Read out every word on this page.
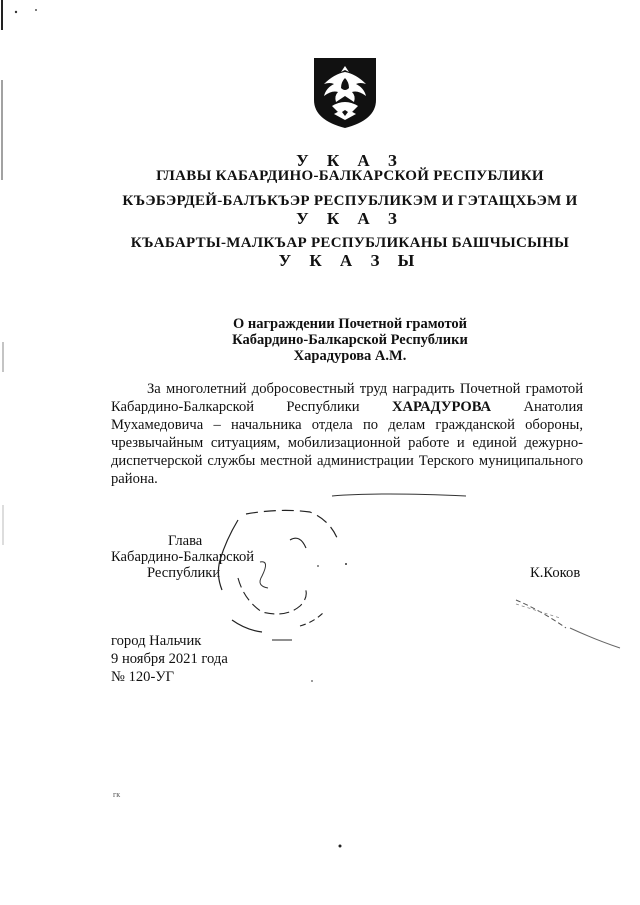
У К А З
ГЛАВЫ КАБАРДИНО-БАЛКАРСКОЙ РЕСПУБЛИКИ
КЪЭБЭРДЕЙ-БАЛЪКЪЭР РЕСПУБЛИКЭМ И ГЭТАЩХЬЭМ И
У К А З
КЪАБАРТЫ-МАЛКЪАР РЕСПУБЛИКАНЫ БАШЧЫСЫНЫ
У К А З Ы
О награждении Почетной грамотой
Кабардино-Балкарской Республики
Харадурова А.М.
За многолетний добросовестный труд наградить Почетной грамотой Кабардино-Балкарской Республики ХАРАДУРОВА Анатолия Мухамедовича – начальника отдела по делам гражданской обороны, чрезвычайным ситуациям, мобилизационной работе и единой дежурно-диспетчерской службы местной администрации Терского муниципального района.
Глава
Кабардино-Балкарской
Республики	К.Коков
город Нальчик
9 ноября 2021 года
№ 120-УГ
гк
